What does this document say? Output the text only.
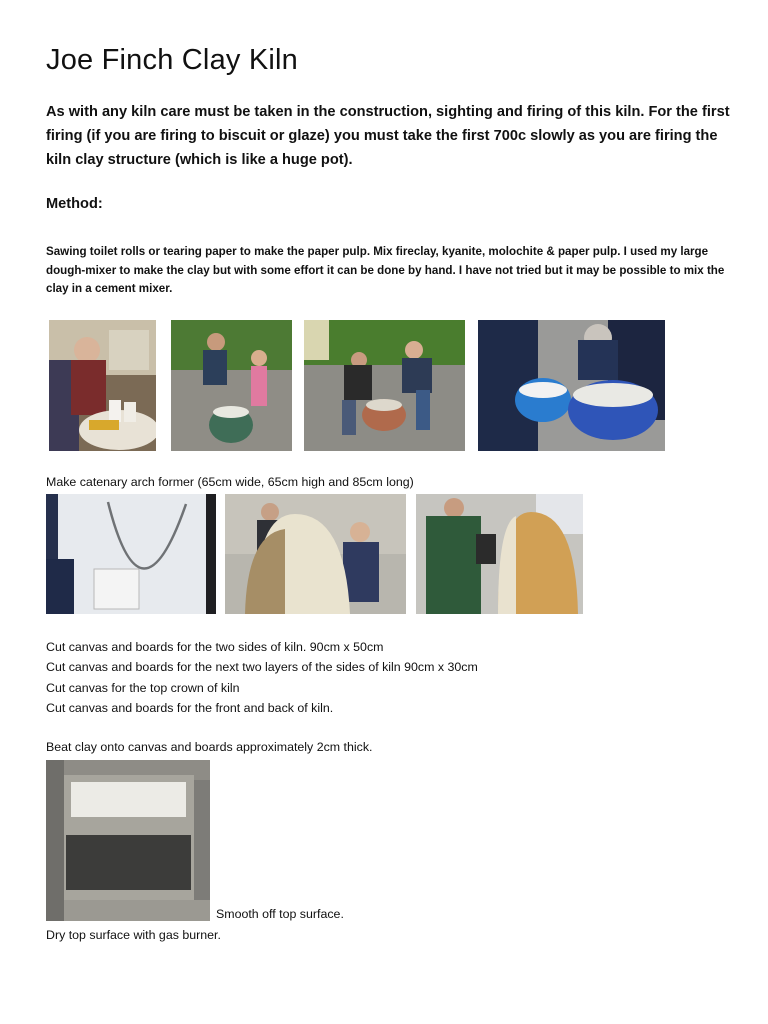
Joe Finch Clay Kiln
As with any kiln care must be taken in the construction, sighting and firing of this kiln. For the first firing (if you are firing to biscuit or glaze) you must take the first 700c slowly as you are firing the kiln clay structure (which is like a huge pot).
Method:
Sawing toilet rolls or tearing paper to make the paper pulp. Mix fireclay, kyanite, molochite & paper pulp. I used my large dough-mixer to make the clay but with some effort it can be done by hand. I have not tried but it may be possible to mix the clay in a cement mixer.
Make catenary arch former (65cm wide, 65cm high and 85cm long)
Cut canvas and boards for the two sides of kiln. 90cm x 50cm
Cut canvas and boards for the next two layers of the sides of kiln 90cm x 30cm
Cut canvas for the top crown of kiln
Cut canvas and boards for the front and back of kiln.
Beat clay onto canvas and boards approximately 2cm thick.
Smooth off top surface.
Dry top surface with gas burner.
